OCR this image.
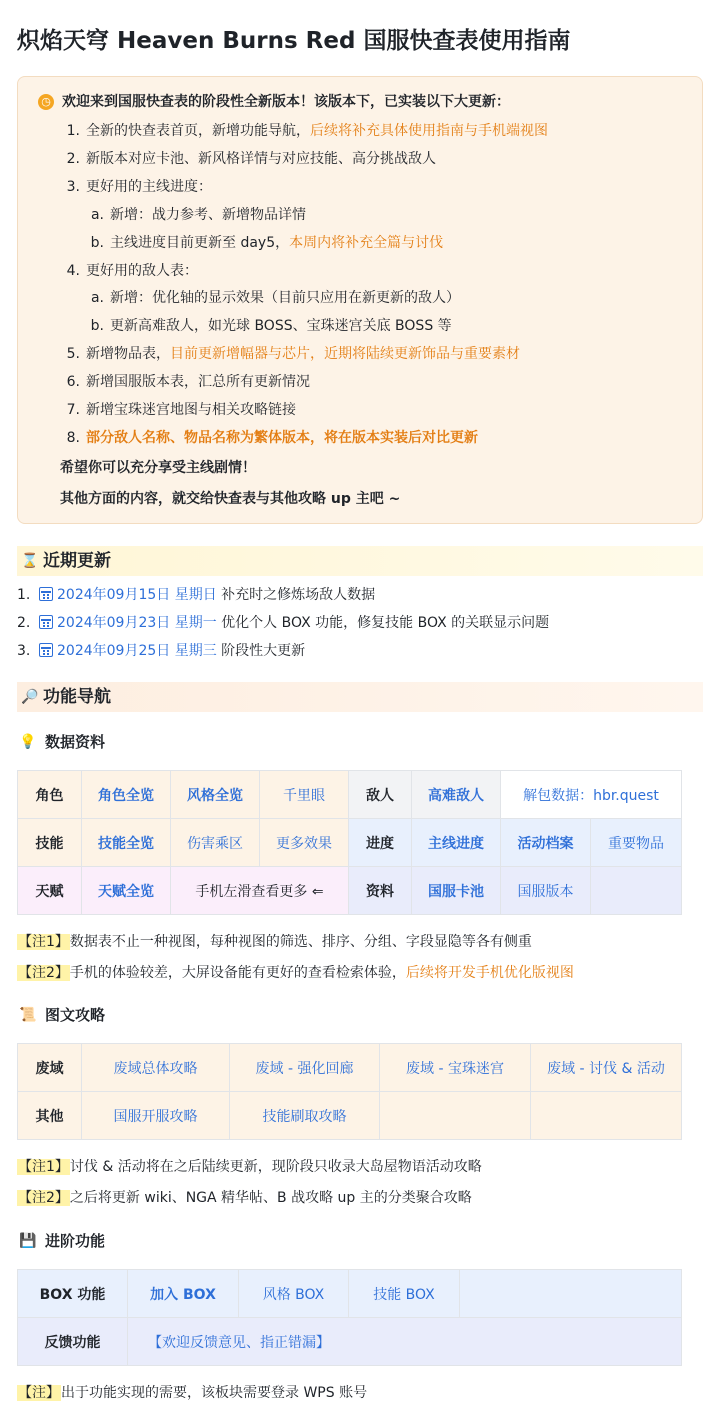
炽焰天穹 Heaven Burns Red 国服快查表使用指南
◷ 欢迎来到国服快查表的阶段性全新版本！该版本下，已实装以下大更新：
1. 全新的快查表首页，新增功能导航，后续将补充具体使用指南与手机端视图
2. 新版本对应卡池、新风格详情与对应技能、高分挑战敌人
3. 更好用的主线进度：
a. 新增：战力参考、新增物品详情
b. 主线进度目前更新至 day5，本周内将补充全篇与讨伐
4. 更好用的敌人表：
a. 新增：优化轴的显示效果（目前只应用在新更新的敌人）
b. 更新高难敌人，如光球 BOSS、宝珠迷宫关底 BOSS 等
5. 新增物品表，目前更新增幅器与芯片，近期将陆续更新饰品与重要素材
6. 新增国服版本表，汇总所有更新情况
7. 新增宝珠迷宫地图与相关攻略链接
8. 部分敌人名称、物品名称为繁体版本，将在版本实装后对比更新
希望你可以充分享受主线剧情！
其他方面的内容，就交给快查表与其他攻略 up 主吧 ~
⌛ 近期更新
1. 2024年09月15日 星期日 补充时之修炼场敌人数据
2. 2024年09月23日 星期一 优化个人 BOX 功能，修复技能 BOX 的关联显示问题
3. 2024年09月25日 星期三 阶段性大更新
🔎 功能导航
💡 数据资料
角色	角色全览	风格全览	千里眼	敌人	高难敌人	解包数据：hbr.quest	
技能	技能全览	伤害乘区	更多效果	进度	主线进度	活动档案	重要物品
天赋	天赋全览	手机左滑查看更多 ⇐		资料	国服卡池	国服版本	
【注1】数据表不止一种视图，每种视图的筛选、排序、分组、字段显隐等各有侧重
【注2】手机的体验较差，大屏设备能有更好的查看检索体验，后续将开发手机优化版视图
📜 图文攻略
废域	废域总体攻略	废域 - 强化回廊	废域 - 宝珠迷宫	废域 - 讨伐 & 活动
其他	国服开服攻略	技能刷取攻略		
【注1】讨伐 & 活动将在之后陆续更新，现阶段只收录大岛屋物语活动攻略
【注2】之后将更新 wiki、NGA 精华帖、B 战攻略 up 主的分类聚合攻略
💾 进阶功能
BOX 功能	加入 BOX	风格 BOX	技能 BOX	
反馈功能	【欢迎反馈意见、指正错漏】			
【注】出于功能实现的需要，该板块需要登录 WPS 账号
